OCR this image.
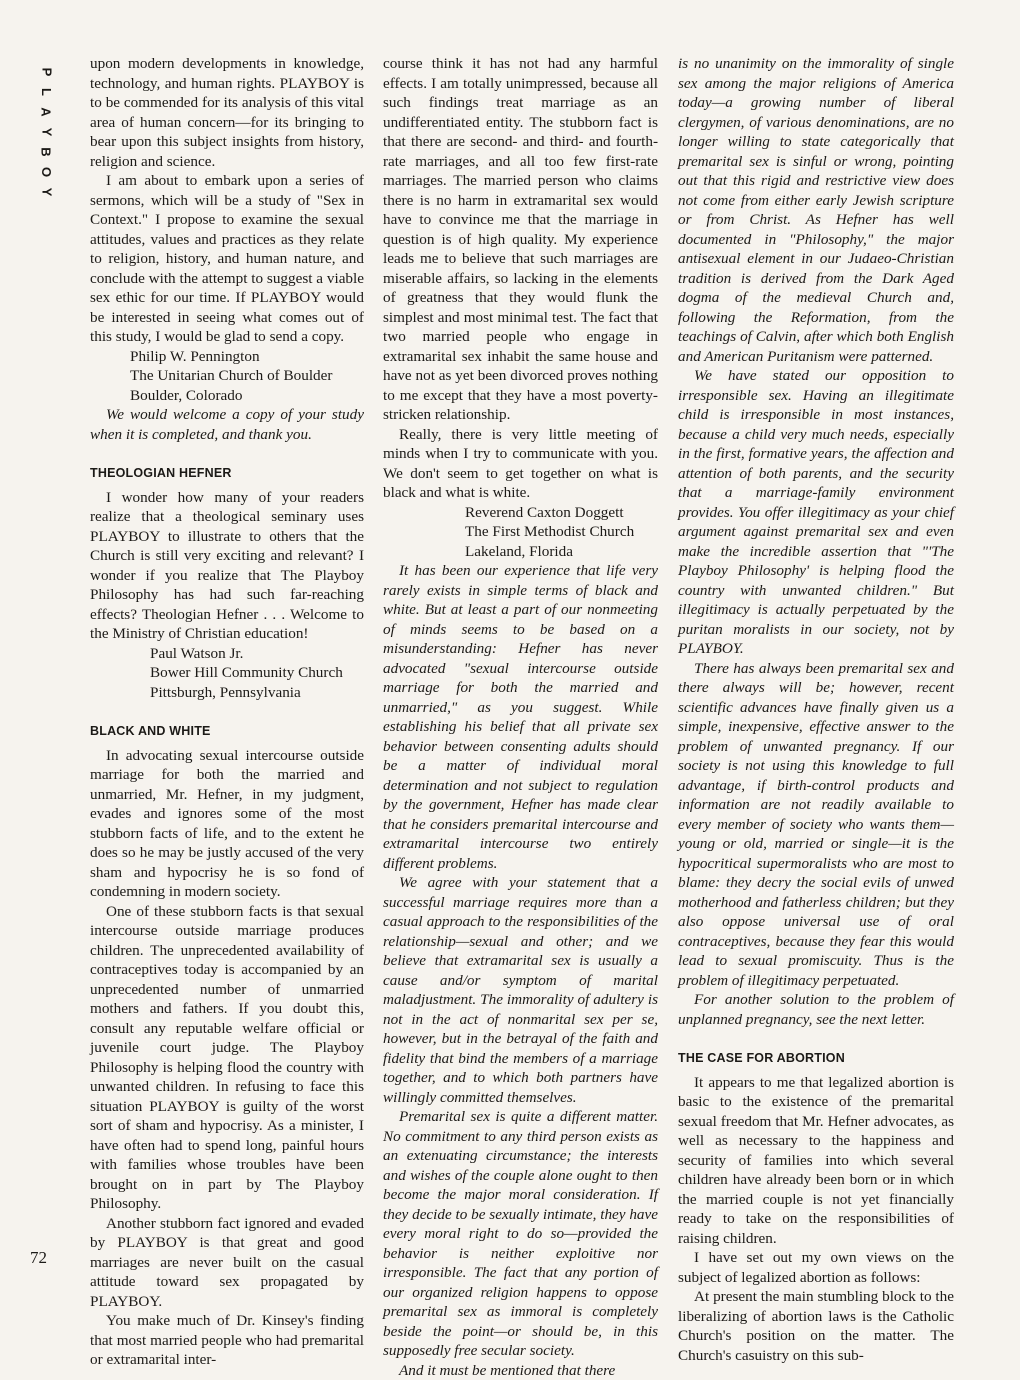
P
L
A
Y
B
O
Y
72

upon modern developments in knowledge, technology, and human rights. PLAYBOY is to be commended for its analysis of this vital area of human concern—for its bringing to bear upon this subject insights from history, religion and science.

I am about to embark upon a series of sermons, which will be a study of "Sex in Context." I propose to examine the sexual attitudes, values and practices as they relate to religion, history, and human nature, and conclude with the attempt to suggest a viable sex ethic for our time. If PLAYBOY would be interested in seeing what comes out of this study, I would be glad to send a copy.

Philip W. Pennington
The Unitarian Church of Boulder
Boulder, Colorado

We would welcome a copy of your study when it is completed, and thank you.

THEOLOGIAN HEFNER

I wonder how many of your readers realize that a theological seminary uses PLAYBOY to illustrate to others that the Church is still very exciting and relevant? I wonder if you realize that The Playboy Philosophy has had such far-reaching effects? Theologian Hefner . . . Welcome to the Ministry of Christian education!

Paul Watson Jr.
Bower Hill Community Church
Pittsburgh, Pennsylvania
BLACK AND WHITE

In advocating sexual intercourse outside marriage for both the married and unmarried, Mr. Hefner, in my judgment, evades and ignores some of the most stubborn facts of life, and to the extent he does so he may be justly accused of the very sham and hypocrisy he is so fond of condemning in modern society.

One of these stubborn facts is that sexual intercourse outside marriage produces children. The unprecedented availability of contraceptives today is accompanied by an unprecedented number of unmarried mothers and fathers. If you doubt this, consult any reputable welfare official or juvenile court judge. The Playboy Philosophy is helping flood the country with unwanted children. In refusing to face this situation PLAYBOY is guilty of the worst sort of sham and hypocrisy. As a minister, I have often had to spend long, painful hours with families whose troubles have been brought on in part by The Playboy Philosophy.

Another stubborn fact ignored and evaded by PLAYBOY is that great and good marriages are never built on the casual attitude toward sex propagated by PLAYBOY.

You make much of Dr. Kinsey's finding that most married people who had premarital or extramarital inter-

course think it has not had any harmful effects. I am totally unimpressed, because all such findings treat marriage as an undifferentiated entity. The stubborn fact is that there are second- and third- and fourth-rate marriages, and all too few first-rate marriages. The married person who claims there is no harm in extramarital sex would have to convince me that the marriage in question is of high quality. My experience leads me to believe that such marriages are miserable affairs, so lacking in the elements of greatness that they would flunk the simplest and most minimal test. The fact that two married people who engage in extramarital sex inhabit the same house and have not as yet been divorced proves nothing to me except that they have a most poverty-stricken relationship.

Really, there is very little meeting of minds when I try to communicate with you. We don't seem to get together on what is black and what is white.

Reverend Caxton Doggett
The First Methodist Church
Lakeland, Florida

It has been our experience that life very rarely exists in simple terms of black and white. But at least a part of our nonmeeting of minds seems to be based on a misunderstanding: Hefner has never advocated "sexual intercourse outside marriage for both the married and unmarried," as you suggest. While establishing his belief that all private sex behavior between consenting adults should be a matter of individual moral determination and not subject to regulation by the government, Hefner has made clear that he considers premarital intercourse and extramarital intercourse two entirely different problems.

We agree with your statement that a successful marriage requires more than a casual approach to the responsibilities of the relationship—sexual and other; and we believe that extramarital sex is usually a cause and/or symptom of marital maladjustment. The immorality of adultery is not in the act of nonmarital sex per se, however, but in the betrayal of the faith and fidelity that bind the members of a marriage together, and to which both partners have willingly committed themselves.

Premarital sex is quite a different matter. No commitment to any third person exists as an extenuating circumstance; the interests and wishes of the couple alone ought to then become the major moral consideration. If they decide to be sexually intimate, they have every moral right to do so—provided the behavior is neither exploitive nor irresponsible. The fact that any portion of our organized religion happens to oppose premarital sex as immoral is completely beside the point—or should be, in this supposedly free secular society.

And it must be mentioned that there

is no unanimity on the immorality of single sex among the major religions of America today—a growing number of liberal clergymen, of various denominations, are no longer willing to state categorically that premarital sex is sinful or wrong, pointing out that this rigid and restrictive view does not come from either early Jewish scripture or from Christ. As Hefner has well documented in "Philosophy," the major antisexual element in our Judaeo-Christian tradition is derived from the Dark Aged dogma of the medieval Church and, following the Reformation, from the teachings of Calvin, after which both English and American Puritanism were patterned.

We have stated our opposition to irresponsible sex. Having an illegitimate child is irresponsible in most instances, because a child very much needs, especially in the first, formative years, the affection and attention of both parents, and the security that a marriage-family environment provides. You offer illegitimacy as your chief argument against premarital sex and even make the incredible assertion that "'The Playboy Philosophy' is helping flood the country with unwanted children." But illegitimacy is actually perpetuated by the puritan moralists in our society, not by PLAYBOY.

There has always been premarital sex and there always will be; however, recent scientific advances have finally given us a simple, inexpensive, effective answer to the problem of unwanted pregnancy. If our society is not using this knowledge to full advantage, if birth-control products and information are not readily available to every member of society who wants them—young or old, married or single—it is the hypocritical supermoralists who are most to blame: they decry the social evils of unwed motherhood and fatherless children; but they also oppose universal use of oral contraceptives, because they fear this would lead to sexual promiscuity. Thus is the problem of illegitimacy perpetuated.

For another solution to the problem of unplanned pregnancy, see the next letter.

THE CASE FOR ABORTION

It appears to me that legalized abortion is basic to the existence of the premarital sexual freedom that Mr. Hefner advocates, as well as necessary to the happiness and security of families into which several children have already been born or in which the married couple is not yet financially ready to take on the responsibilities of raising children.

I have set out my own views on the subject of legalized abortion as follows:

At present the main stumbling block to the liberalizing of abortion laws is the Catholic Church's position on the matter. The Church's casuistry on this sub-
